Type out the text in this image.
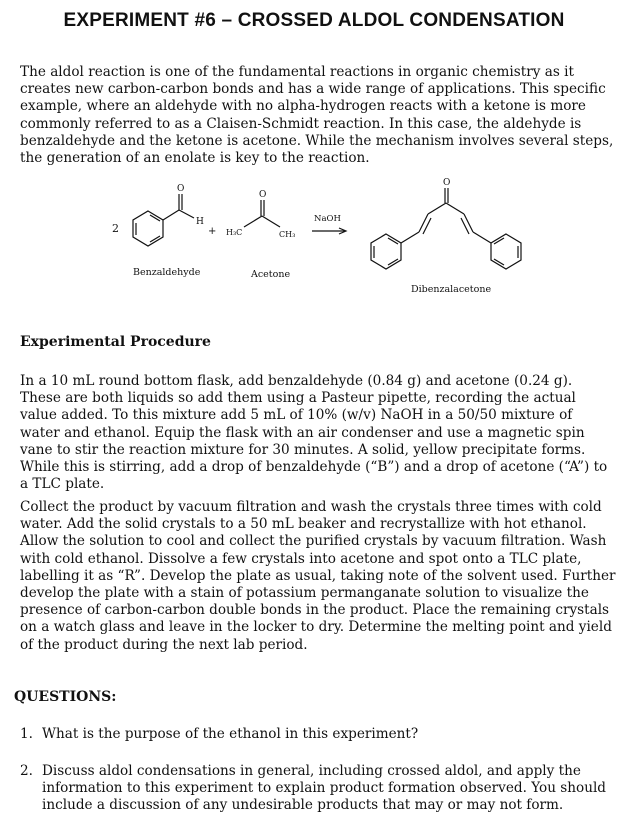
EXPERIMENT #6 – CROSSED ALDOL CONDENSATION
The aldol reaction is one of the fundamental reactions in organic chemistry as it creates new carbon-carbon bonds and has a wide range of applications. This specific example, where an aldehyde with no alpha-hydrogen reacts with a ketone is more commonly referred to as a Claisen-Schmidt reaction. In this case, the aldehyde is benzaldehyde and the ketone is acetone. While the mechanism involves several steps, the generation of an enolate is key to the reaction.
2
O
H
+
O
H₃C	CH₃
NaOH
O
Benzaldehyde	Acetone
Dibenzalacetone
Experimental Procedure
In a 10 mL round bottom flask, add benzaldehyde (0.84 g) and acetone (0.24 g). These are both liquids so add them using a Pasteur pipette, recording the actual value added. To this mixture add 5 mL of 10% (w/v) NaOH in a 50/50 mixture of water and ethanol. Equip the flask with an air condenser and use a magnetic spin vane to stir the reaction mixture for 30 minutes. A solid, yellow precipitate forms. While this is stirring, add a drop of benzaldehyde (“B”) and a drop of acetone (“A”) to a TLC plate.
Collect the product by vacuum filtration and wash the crystals three times with cold water. Add the solid crystals to a 50 mL beaker and recrystallize with hot ethanol. Allow the solution to cool and collect the purified crystals by vacuum filtration. Wash with cold ethanol. Dissolve a few crystals into acetone and spot onto a TLC plate, labelling it as “R”. Develop the plate as usual, taking note of the solvent used. Further develop the plate with a stain of potassium permanganate solution to visualize the presence of carbon-carbon double bonds in the product. Place the remaining crystals on a watch glass and leave in the locker to dry. Determine the melting point and yield of the product during the next lab period.
QUESTIONS:
1. What is the purpose of the ethanol in this experiment?
2. Discuss aldol condensations in general, including crossed aldol, and apply the information to this experiment to explain product formation observed. You should include a discussion of any undesirable products that may or may not form.
